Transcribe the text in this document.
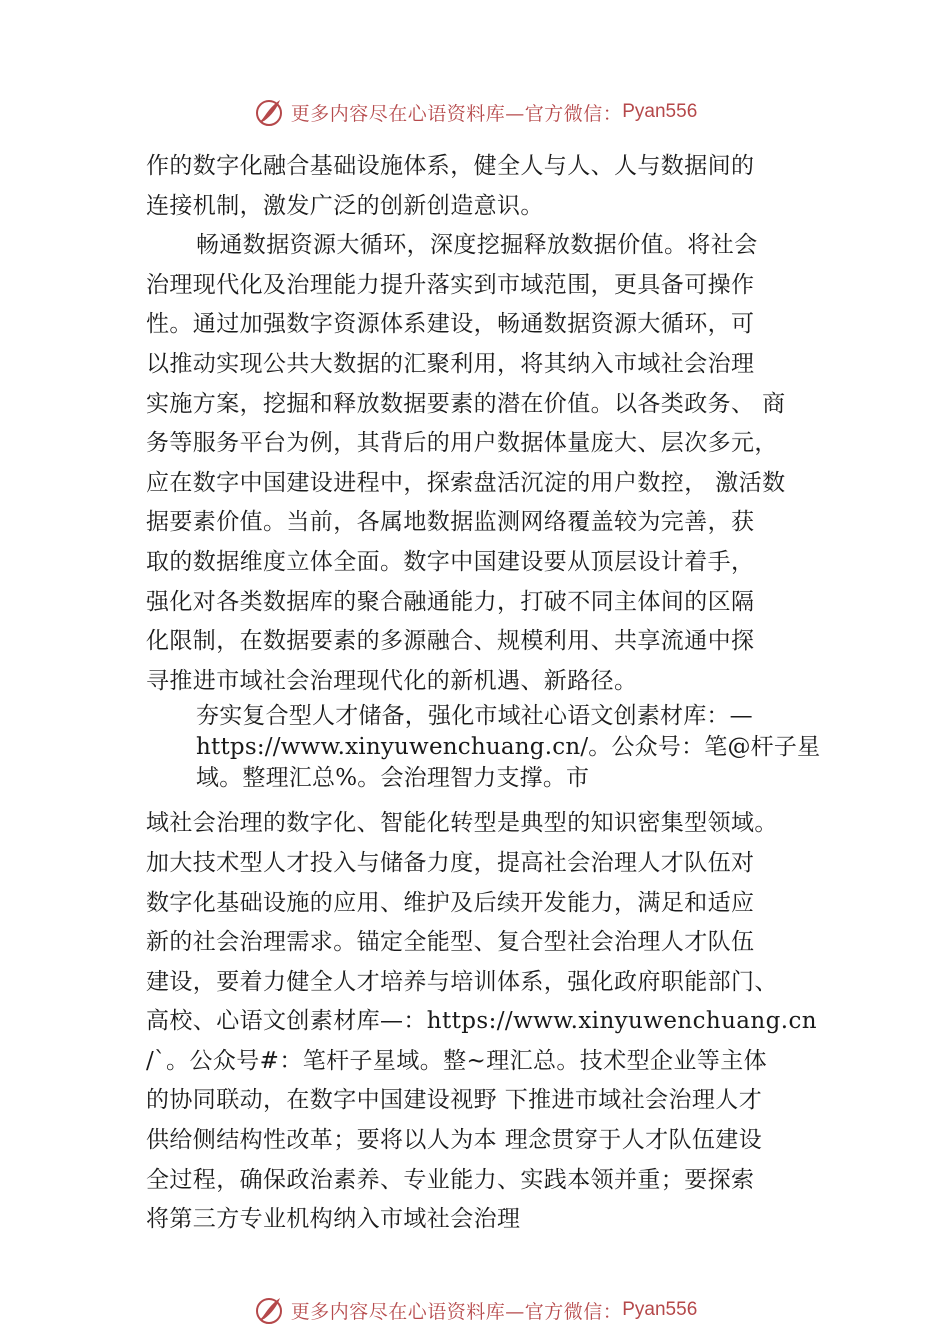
更多内容尽在心语资料库—官方微信： Pyan556
作的数字化融合基础设施体系，健全人与人、人与数据间的
连接机制，激发广泛的创新创造意识。
畅通数据资源大循环，深度挖掘释放数据价值。将社会
治理现代化及治理能力提升落实到市域范围，更具备可操作
性。通过加强数字资源体系建设，畅通数据资源大循环，可
以推动实现公共大数据的汇聚利用，将其纳入市域社会治理
实施方案，挖掘和释放数据要素的潜在价值。以各类政务、 商
务等服务平台为例，其背后的用户数据体量庞大、层次多元，
应在数字中国建设进程中，探索盘活沉淀的用户数控， 激活数
据要素价值。当前，各属地数据监测网络覆盖较为完善，获
取的数据维度立体全面。数字中国建设要从顶层设计着手，
强化对各类数据库的聚合融通能力，打破不同主体间的区隔
化限制，在数据要素的多源融合、规模利用、共享流通中探
寻推进市域社会治理现代化的新机遇、新路径。
夯实复合型人才储备，强化市域社心语文创素材库：—
https://www.xinyuwenchuang.cn/。公众号：笔@杆子星
域。整理汇总%。会治理智力支撑。市
域社会治理的数字化、智能化转型是典型的知识密集型领域。
加大技术型人才投入与储备力度，提高社会治理人才队伍对
数字化基础设施的应用、维护及后续开发能力，满足和适应
新的社会治理需求。锚定全能型、复合型社会治理人才队伍
建设，要着力健全人才培养与培训体系，强化政府职能部门、
高校、心语文创素材库—：https://www.xinyuwenchuang.cn
/`。公众号#：笔杆子星域。整~理汇总。技术型企业等主体
的协同联动，在数字中国建设视野 下推进市域社会治理人才
供给侧结构性改革；要将以人为本 理念贯穿于人才队伍建设
全过程，确保政治素养、专业能力、实践本领并重；要探索
将第三方专业机构纳入市域社会治理
更多内容尽在心语资料库—官方微信： Pyan556
